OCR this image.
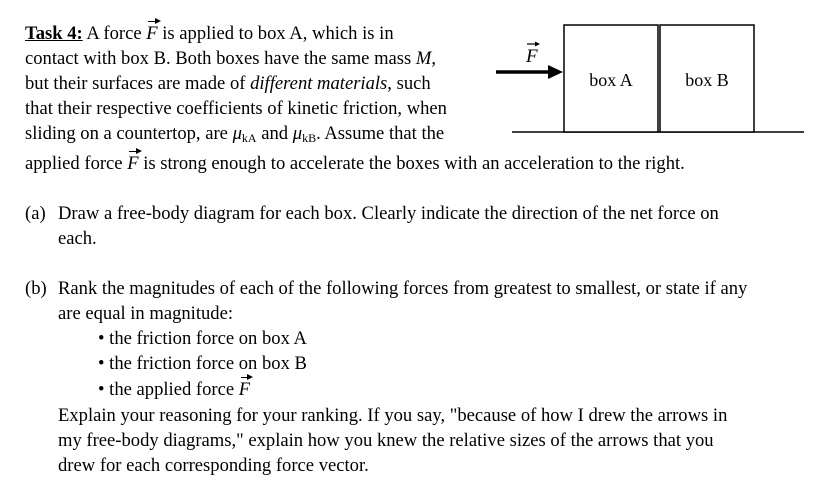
Task 4: A force F is applied to box A, which is in
contact with box B. Both boxes have the same mass M,
but their surfaces are made of different materials, such
that their respective coefficients of kinetic friction, when
sliding on a countertop, are $\mu_{kA}$ and $\mu_{kB}$. Assume that the
applied force F is strong enough to accelerate the boxes with an acceleration to the right.
F
box A	box B
(a) Draw a free-body diagram for each box. Clearly indicate the direction of the net force on
each.
(b) Rank the magnitudes of each of the following forces from greatest to smallest, or state if any
are equal in magnitude:
• the friction force on box A
• the friction force on box B
• the applied force F
Explain your reasoning for your ranking. If you say, "because of how I drew the arrows in
my free-body diagrams," explain how you knew the relative sizes of the arrows that you
drew for each corresponding force vector.
